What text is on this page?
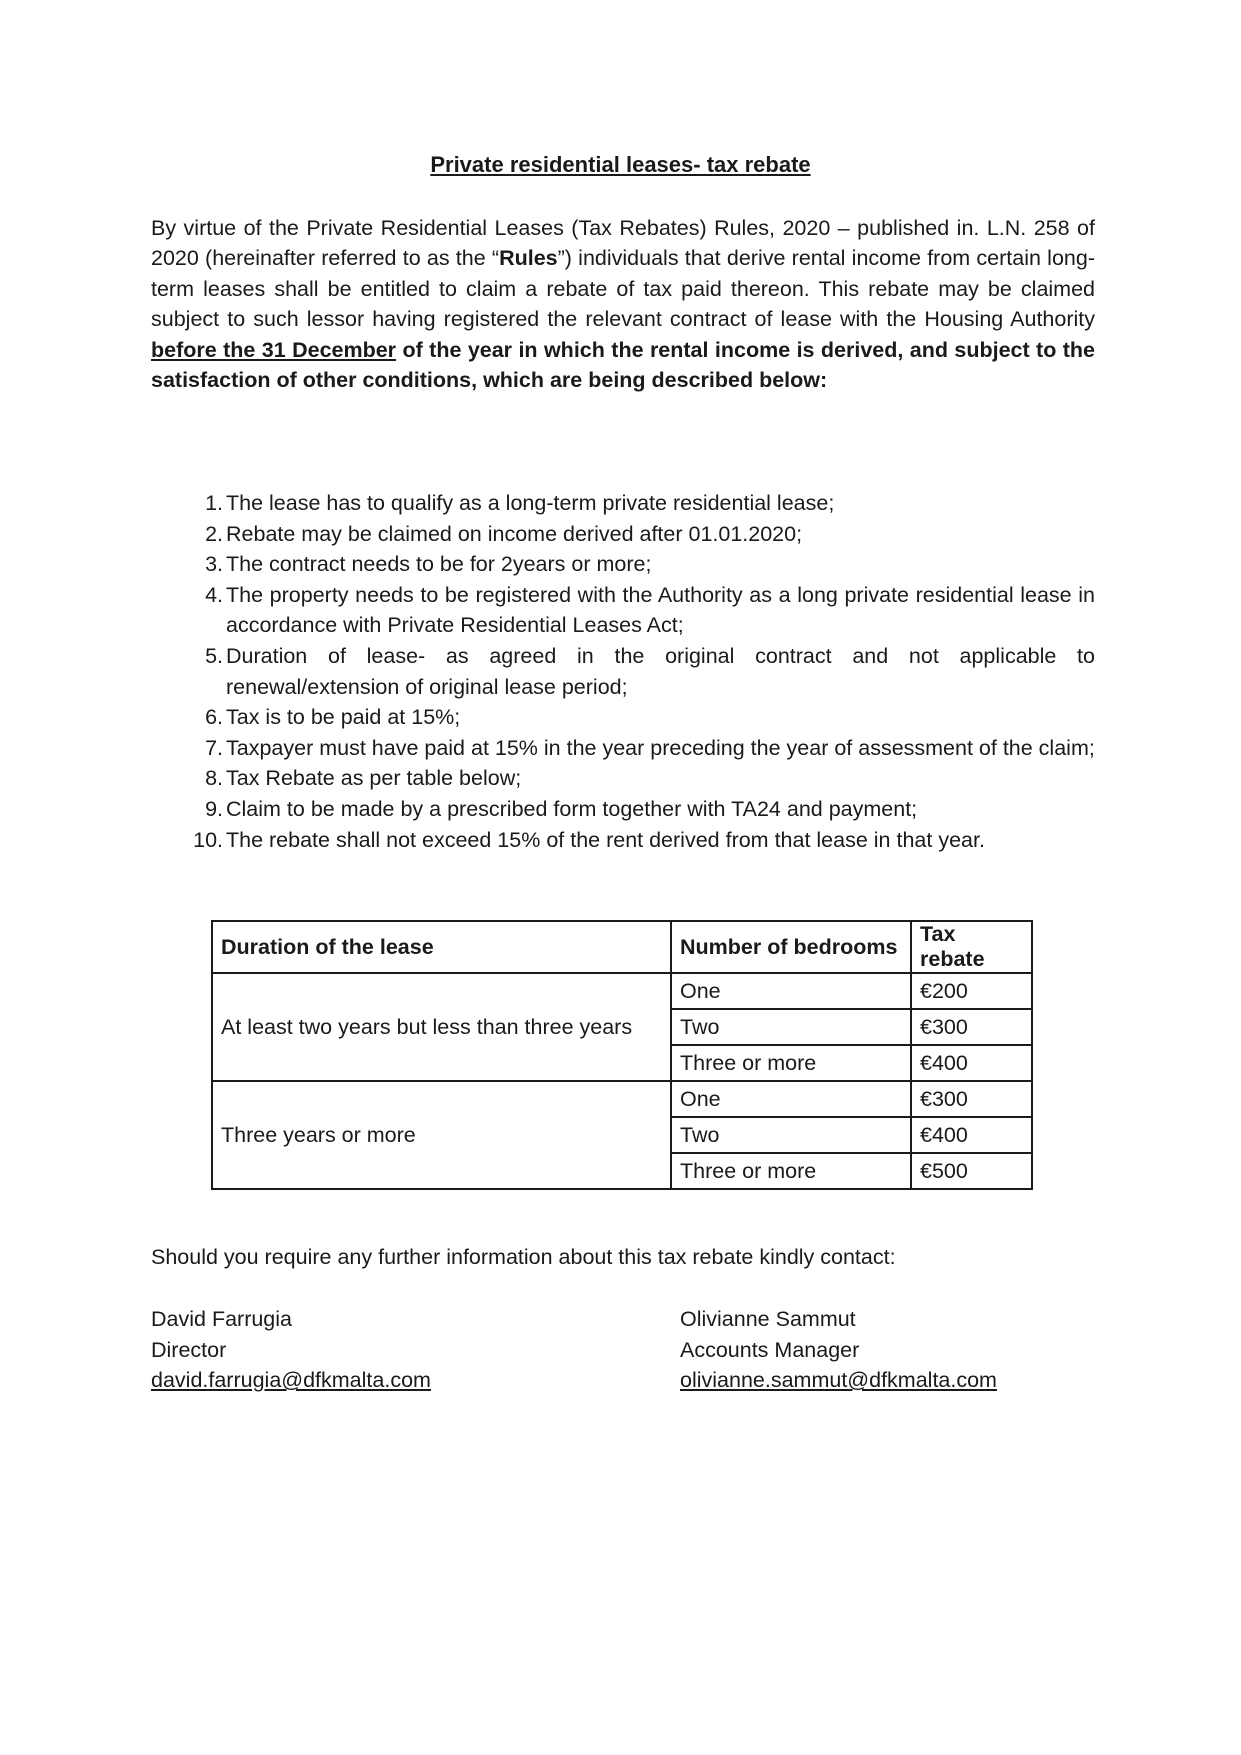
Private residential leases- tax rebate

By virtue of the Private Residential Leases (Tax Rebates) Rules, 2020 – published in. L.N. 258 of 2020 (hereinafter referred to as the “Rules”) individuals that derive rental income from certain long-term leases shall be entitled to claim a rebate of tax paid thereon. This rebate may be claimed subject to such lessor having registered the relevant contract of lease with the Housing Authority before the 31 December of the year in which the rental income is derived, and subject to the satisfaction of other conditions, which are being described below:

1. The lease has to qualify as a long-term private residential lease;
2. Rebate may be claimed on income derived after 01.01.2020;
3. The contract needs to be for 2years or more;
4. The property needs to be registered with the Authority as a long private residential lease in accordance with Private Residential Leases Act;
5. Duration of lease- as agreed in the original contract and not applicable to renewal/extension of original lease period;
6. Tax is to be paid at 15%;
7. Taxpayer must have paid at 15% in the year preceding the year of assessment of the claim;
8. Tax Rebate as per table below;
9. Claim to be made by a prescribed form together with TA24 and payment;
10. The rebate shall not exceed 15% of the rent derived from that lease in that year.
Duration of the lease	Number of bedrooms	Tax rebate
At least two years but less than three years	One	€200
	Two	€300
	Three or more	€400
Three years or more	One	€300
	Two	€400
	Three or more	€500
Should you require any further information about this tax rebate kindly contact:
David Farrugia
Director
david.farrugia@dfkmalta.com
Olivianne Sammut
Accounts Manager
olivianne.sammut@dfkmalta.com
